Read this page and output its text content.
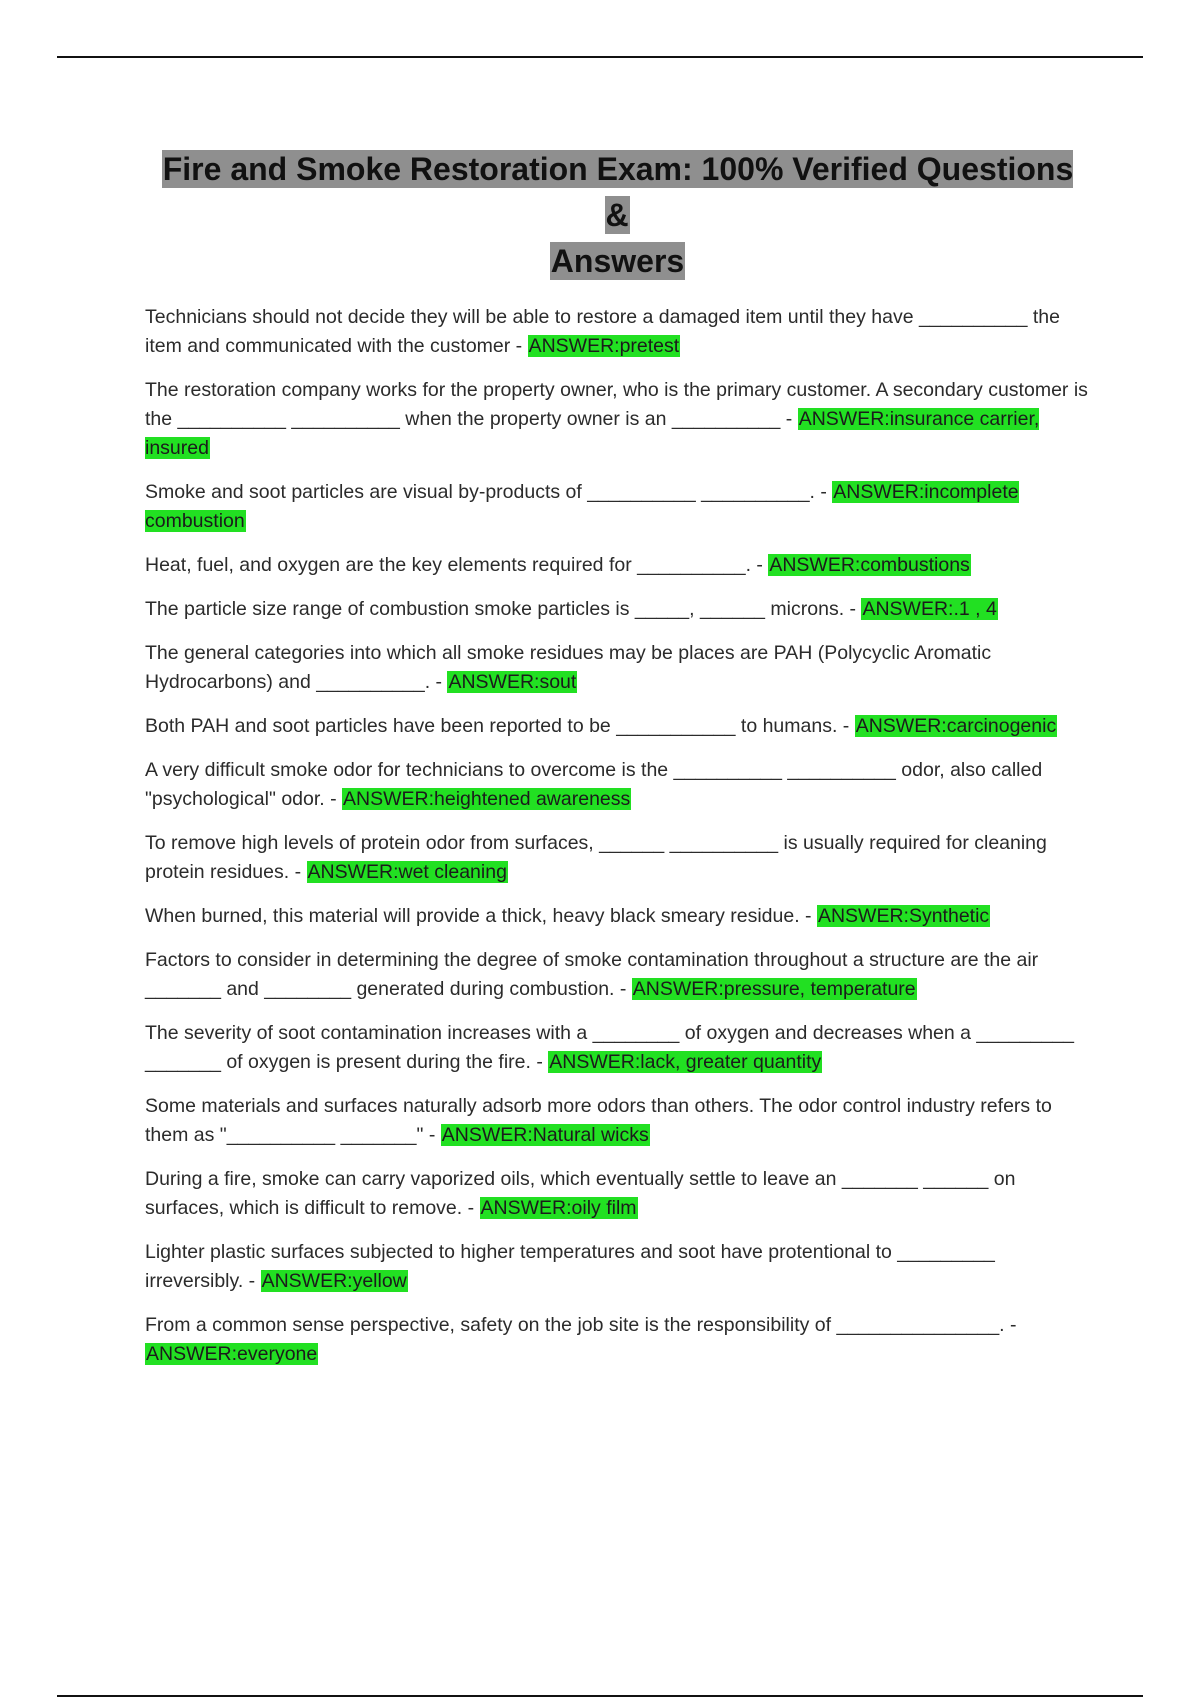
Fire and Smoke Restoration Exam: 100% Verified Questions &
Answers

Technicians should not decide they will be able to restore a damaged item until they have __________ the item and communicated with the customer - ANSWER:pretest

The restoration company works for the property owner, who is the primary customer. A secondary customer is the __________ __________ when the property owner is an __________ - ANSWER:insurance carrier, insured

Smoke and soot particles are visual by-products of __________ __________. - ANSWER:incomplete combustion

Heat, fuel, and oxygen are the key elements required for __________. - ANSWER:combustions

The particle size range of combustion smoke particles is _____, ______ microns. - ANSWER:.1 , 4

The general categories into which all smoke residues may be places are PAH (Polycyclic Aromatic Hydrocarbons) and __________. - ANSWER:sout

Both PAH and soot particles have been reported to be ___________ to humans. - ANSWER:carcinogenic

A very difficult smoke odor for technicians to overcome is the __________ __________ odor, also called "psychological" odor. - ANSWER:heightened awareness

To remove high levels of protein odor from surfaces, ______ __________ is usually required for cleaning protein residues. - ANSWER:wet cleaning

When burned, this material will provide a thick, heavy black smeary residue. - ANSWER:Synthetic

Factors to consider in determining the degree of smoke contamination throughout a structure are the air _______ and ________ generated during combustion. - ANSWER:pressure, temperature

The severity of soot contamination increases with a ________ of oxygen and decreases when a _________ _______ of oxygen is present during the fire. - ANSWER:lack, greater quantity

Some materials and surfaces naturally adsorb more odors than others. The odor control industry refers to them as "__________ _______" - ANSWER:Natural wicks

During a fire, smoke can carry vaporized oils, which eventually settle to leave an _______ ______ on surfaces, which is difficult to remove. - ANSWER:oily film

Lighter plastic surfaces subjected to higher temperatures and soot have protentional to _________ irreversibly. - ANSWER:yellow

From a common sense perspective, safety on the job site is the responsibility of _______________. - ANSWER:everyone
